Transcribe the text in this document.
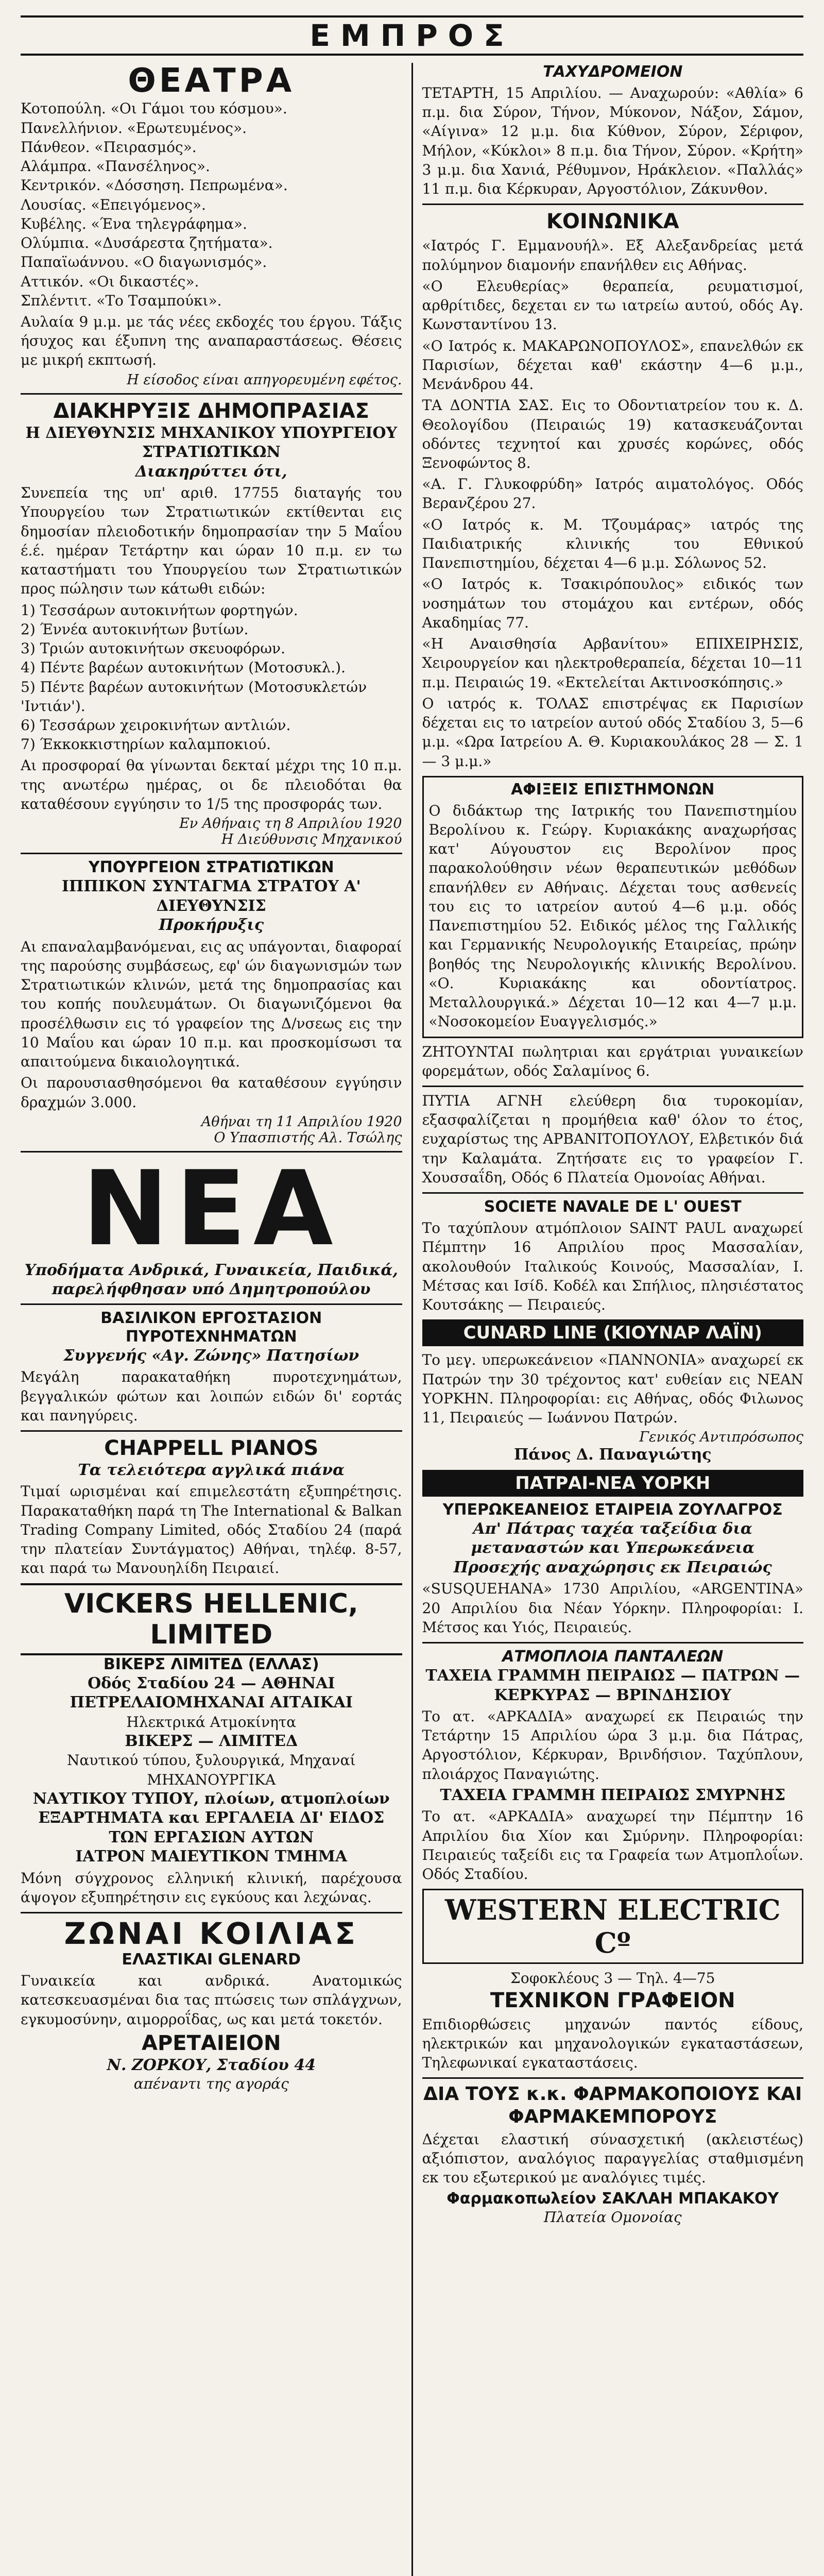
ΕΜΠΡΟΣ
ΘΕΑΤΡΑ
Κοτοπούλη. «Οι Γάμοι του κόσμου».
Πανελλήνιον. «Ερωτευμένος».
Πάνθεον. «Πειρασμός».
Αλάμπρα. «Πανσέληνος».
Κεντρικόν. «Δόσσηση. Πεπρωμένα».
Λουσίας. «Επειγόμενος».
Κυβέλης. «Ένα τηλεγράφημα».
Ολύμπια. «Δυσάρεστα ζητήματα».
Παπαϊωάννου. «Ο διαγωνισμός».
Αττικόν. «Οι δικαστές».
Σπλέντιτ. «Το Τσαμπούκι».
Αυλαία 9 μ.μ. με τάς νέες εκδοχές του έργου. Τάξις ήσυχος και έξυπνη της αναπαραστάσεως. Θέσεις με μικρή εκπτωσή.
Η είσοδος είναι απηγορευμένη εφέτος.
ΔΙΑΚΗΡΥΞΙΣ ΔΗΜΟΠΡΑΣΙΑΣ
Η ΔΙΕΥΘΥΝΣΙΣ ΜΗΧΑΝΙΚΟΥ ΥΠΟΥΡΓΕΙΟΥ ΣΤΡΑΤΙΩΤΙΚΩΝ
Διακηρύττει ότι,
Συνεπεία της υπ' αριθ. 17755 διαταγής του Υπουργείου των Στρατιωτικών εκτίθενται εις δημοσίαν πλειοδοτικήν δημοπρασίαν την 5 Μαΐου έ.έ. ημέραν Τετάρτην και ώραν 10 π.μ. εν τω καταστήματι του Υπουργείου των Στρατιωτικών προς πώλησιν των κάτωθι ειδών:
1) Τεσσάρων αυτοκινήτων φορτηγών.
2) Έννέα αυτοκινήτων βυτίων.
3) Τριών αυτοκινήτων σκευοφόρων.
4) Πέντε βαρέων αυτοκινήτων (Μοτοσυκλ.).
5) Πέντε βαρέων αυτοκινήτων (Μοτοσυκλετών 'Ιντιάν').
6) Τεσσάρων χειροκινήτων αντλιών.
7) Έκκοκκιστηρίων καλαμποκιού.
Αι προσφοραί θα γίνωνται δεκταί μέχρι της 10 π.μ. της ανωτέρω ημέρας, οι δε πλειοδόται θα καταθέσουν εγγύησιν το 1/5 της προσφοράς των.
Εν Αθήναις τη 8 Απριλίου 1920
Η Διεύθυνσις Μηχανικού
ΥΠΟΥΡΓΕΙΟΝ ΣΤΡΑΤΙΩΤΙΚΩΝ
ΙΠΠΙΚΟΝ ΣΥΝΤΑΓΜΑ ΣΤΡΑΤΟΥ Α' ΔΙΕΥΘΥΝΣΙΣ
Προκήρυξις
Αι επαναλαμβανόμεναι, εις ας υπάγονται, διαφοραί της παρούσης συμβάσεως, εφ' ών διαγωνισμών των Στρατιωτικών κλινών, μετά της δημοπρασίας και του κοπής πουλευμάτων. Οι διαγωνιζόμενοι θα προσέλθωσιν εις τό γραφείον της Δ/νσεως εις την 10 Μαΐου και ώραν 10 π.μ. και προσκομίσωσι τα απαιτούμενα δικαιολογητικά.
Οι παρουσιασθησόμενοι θα καταθέσουν εγγύησιν δραχμών 3.000.
Αθήναι τη 11 Απριλίου 1920
Ο Υπασπιστής Αλ. Τσώλης
ΝΕΑ
Υποδήματα Ανδρικά, Γυναικεία, Παιδικά, παρελήφθησαν υπό Δημητροπούλου
ΒΑΣΙΛΙΚΟΝ ΕΡΓΟΣΤΑΣΙΟΝ ΠΥΡΟΤΕΧΝΗΜΑΤΩΝ
Συγγενής «Αγ. Ζώνης» Πατησίων
Μεγάλη παρακαταθήκη πυροτεχνημάτων, βεγγαλικών φώτων και λοιπών ειδών δι' εορτάς και πανηγύρεις.
CHAPPELL PIANOS
Τα τελειότερα αγγλικά πιάνα
Τιμαί ωρισμέναι καί επιμελεστάτη εξυπηρέτησις. Παρακαταθήκη παρά τη The International & Balkan Trading Company Limited, οδός Σταδίου 24 (παρά την πλατείαν Συντάγματος) Αθήναι, τηλέφ. 8-57, και παρά τω Μανουηλίδη Πειραιεί.
VICKERS HELLENIC, LIMITED
ΒΙΚΕΡΣ ΛΙΜΙΤΕΔ (ΕΛΛΑΣ)
Οδός Σταδίου 24 — ΑΘΗΝΑΙ
ΠΕΤΡΕΛΑΙΟΜΗΧΑΝΑΙ ΑΙΤΑΙΚΑΙ
Ηλεκτρικά Ατμοκίνητα
ΒΙΚΕΡΣ — ΛΙΜΙΤΕΔ
Ναυτικού τύπου, ξυλουργικά, Μηχαναί ΜΗΧΑΝΟΥΡΓΙΚΑ
ΝΑΥΤΙΚΟΥ ΤΥΠΟΥ, πλοίων, ατμοπλοίων
ΕΞΑΡΤΗΜΑΤΑ και ΕΡΓΑΛΕΙΑ ΔΙ' ΕΙΔΟΣ ΤΩΝ ΕΡΓΑΣΙΩΝ ΑΥΤΩΝ
ΙΑΤΡΟΝ ΜΑΙΕΥΤΙΚΟΝ ΤΜΗΜΑ
Μόνη σύγχρονος ελληνική κλινική, παρέχουσα άψογον εξυπηρέτησιν εις εγκύους και λεχώνας.
ΖΩΝΑΙ ΚΟΙΛΙΑΣ
ΕΛΑΣΤΙΚΑΙ GLENARD
Γυναικεία και ανδρικά. Ανατομικώς κατεσκευασμέναι δια τας πτώσεις των σπλάγχνων, εγκυμοσύνην, αιμορροΐδας, ως και μετά τοκετόν.
ΑΡΕΤΑΙΕΙΟΝ
Ν. ΖΟΡΚΟΥ, Σταδίου 44
απέναντι της αγοράς
ΤΑΧΥΔΡΟΜΕΙΟΝ
ΤΕΤΑΡΤΗ, 15 Απριλίου. — Αναχωρούν: «Αθλία» 6 π.μ. δια Σύρον, Τήνον, Μύκονον, Νάξον, Σάμον, «Αίγινα» 12 μ.μ. δια Κύθνον, Σύρον, Σέριφον, Μήλον, «Κύκλοι» 8 π.μ. δια Τήνον, Σύρον. «Κρήτη» 3 μ.μ. δια Χανιά, Ρέθυμνον, Ηράκλειον. «Παλλάς» 11 π.μ. δια Κέρκυραν, Αργοστόλιον, Ζάκυνθον.
ΚΟΙΝΩΝΙΚΑ
«Ιατρός Γ. Εμμανουήλ». Εξ Αλεξανδρείας μετά πολύμηνον διαμονήν επανήλθεν εις Αθήνας.
«Ο Ελευθερίας» θεραπεία, ρευματισμοί, αρθρίτιδες, δεχεται εν τω ιατρείω αυτού, οδός Αγ. Κωνσταντίνου 13.
«Ο Ιατρός κ. ΜΑΚΑΡΩΝΟΠΟΥΛΟΣ», επανελθών εκ Παρισίων, δέχεται καθ' εκάστην 4—6 μ.μ., Μενάνδρου 44.
ΤΑ ΔΟΝΤΙΑ ΣΑΣ. Εις το Οδοντιατρείον του κ. Δ. Θεολογίδου (Πειραιώς 19) κατασκευάζονται οδόντες τεχνητοί και χρυσές κορώνες, οδός Ξενοφώντος 8.
«Α. Γ. Γλυκοφρύδη» Ιατρός αιματολόγος. Οδός Βερανζέρου 27.
«Ο Ιατρός κ. Μ. Τζουμάρας» ιατρός της Παιδιατρικής κλινικής του Εθνικού Πανεπιστημίου, δέχεται 4—6 μ.μ. Σόλωνος 52.
«Ο Ιατρός κ. Τσακιρόπουλος» ειδικός των νοσημάτων του στομάχου και εντέρων, οδός Ακαδημίας 77.
«Η Αναισθησία Αρβανίτου» ΕΠΙΧΕΙΡΗΣΙΣ, Χειρουργείον και ηλεκτροθεραπεία, δέχεται 10—11 π.μ. Πειραιώς 19. «Εκτελείται Ακτινοσκόπησις.»
Ο ιατρός κ. ΤΟΛΑΣ επιστρέψας εκ Παρισίων δέχεται εις το ιατρείον αυτού οδός Σταδίου 3, 5—6 μ.μ. «Ωρα Ιατρείου Α. Θ. Κυριακουλάκος 28 — Σ. 1 — 3 μ.μ.»
ΑΦΙΞΕΙΣ ΕΠΙΣΤΗΜΟΝΩΝ
Ο διδάκτωρ της Ιατρικής του Πανεπιστημίου Βερολίνου κ. Γεώργ. Κυριακάκης αναχωρήσας κατ' Αύγουστον εις Βερολίνον προς παρακολούθησιν νέων θεραπευτικών μεθόδων επανήλθεν εν Αθήναις. Δέχεται τους ασθενείς του εις το ιατρείον αυτού 4—6 μ.μ. οδός Πανεπιστημίου 52. Ειδικός μέλος της Γαλλικής και Γερμανικής Νευρολογικής Εταιρείας, πρώην βοηθός της Νευρολογικής κλινικής Βερολίνου. «Ο. Κυριακάκης και οδοντίατρος. Μεταλλουργικά.» Δέχεται 10—12 και 4—7 μ.μ. «Νοσοκομείον Ευαγγελισμός.»
ΖΗΤΟΥΝΤΑΙ πωλητριαι και εργάτριαι γυναικείων φορεμάτων, οδός Σαλαμίνος 6.
ΠΥΤΙΑ ΑΓΝΗ ελεύθερη δια τυροκομίαν, εξασφαλίζεται η προμήθεια καθ' όλον το έτος, ευχαρίστως της ΑΡΒΑΝΙΤΟΠΟΥΛΟΥ, Ελβετικόν διά την Καλαμάτα. Ζητήσατε εις το γραφείον Γ. Χουσσαΐδη, Οδός 6 Πλατεία Ομονοίας Αθήναι.
SOCIETE NAVALE DE L' OUEST
Το ταχύπλουν ατμόπλοιον SAINT PAUL αναχωρεί Πέμπτην 16 Απριλίου προς Μασσαλίαν, ακολουθούν Ιταλικούς Κοινούς, Μασσαλίαν, Ι. Μέτσας και Ισίδ. Κοδέλ και Σπήλιος, πλησιέστατος Κουτσάκης — Πειραιεύς.
CUNARD LINE (ΚΙΟΥΝΑΡ ΛΑΪΝ)
Το μεγ. υπερωκεάνειον «ΠΑΝΝΟΝΙΑ» αναχωρεί εκ Πατρών την 30 τρέχοντος κατ' ευθείαν εις ΝΕΑΝ ΥΟΡΚΗΝ. Πληροφορίαι: εις Αθήνας, οδός Φιλωνος 11, Πειραιεύς — Ιωάννου Πατρών.
Γενικός Αντιπρόσωπος
Πάνος Δ. Παναγιώτης
ΠΑΤΡΑΙ-ΝΕΑ ΥΟΡΚΗ
ΥΠΕΡΩΚΕΑΝΕΙΟΣ ΕΤΑΙΡΕΙΑ ΖΟΥΛΑΓΡΟΣ
Απ' Πάτρας ταχέα ταξείδια δια μεταναστών και Υπερωκεάνεια
Προσεχής αναχώρησις εκ Πειραιώς
«SUSQUEHANA» 1730 Απριλίου, «ARGENTINA» 20 Απριλίου δια Νέαν Υόρκην. Πληροφορίαι: Ι. Μέτσος και Υιός, Πειραιεύς.
ΑΤΜΟΠΛΟΙΑ ΠΑΝΤΑΛΕΩΝ
ΤΑΧΕΙΑ ΓΡΑΜΜΗ ΠΕΙΡΑΙΩΣ — ΠΑΤΡΩΝ — ΚΕΡΚΥΡΑΣ — ΒΡΙΝΔΗΣΙΟΥ
Το ατ. «ΑΡΚΑΔΙΑ» αναχωρεί εκ Πειραιώς την Τετάρτην 15 Απριλίου ώρα 3 μ.μ. δια Πάτρας, Αργοστόλιον, Κέρκυραν, Βρινδήσιον. Ταχύπλουν, πλοιάρχος Παναγιώτης.
ΤΑΧΕΙΑ ΓΡΑΜΜΗ ΠΕΙΡΑΙΩΣ ΣΜΥΡΝΗΣ
Το ατ. «ΑΡΚΑΔΙΑ» αναχωρεί την Πέμπτην 16 Απριλίου δια Χίον και Σμύρνην. Πληροφορίαι: Πειραιεύς ταξείδι εις τα Γραφεία των Ατμοπλοΐων. Οδός Σταδίου.
WESTERN ELECTRIC Cº
Σοφοκλέους 3 — Τηλ. 4—75
ΤΕΧΝΙΚΟΝ ΓΡΑΦΕΙΟΝ
Επιδιορθώσεις μηχανών παντός είδους, ηλεκτρικών και μηχανολογικών εγκαταστάσεων, Τηλεφωνικαί εγκαταστάσεις.
ΔΙΑ ΤΟΥΣ κ.κ. ΦΑΡΜΑΚΟΠΟΙΟΥΣ ΚΑΙ ΦΑΡΜΑΚΕΜΠΟΡΟΥΣ
Δέχεται ελαστική σύνασχετική (ακλειστέως) αξιόπιστον, αναλόγιος παραγγελίας σταθμισμένη εκ του εξωτερικού με αναλόγιες τιμές.
Φαρμακοπωλείον ΣΑΚΛΑΗ ΜΠΑΚΑΚΟΥ
Πλατεία Ομονοίας
